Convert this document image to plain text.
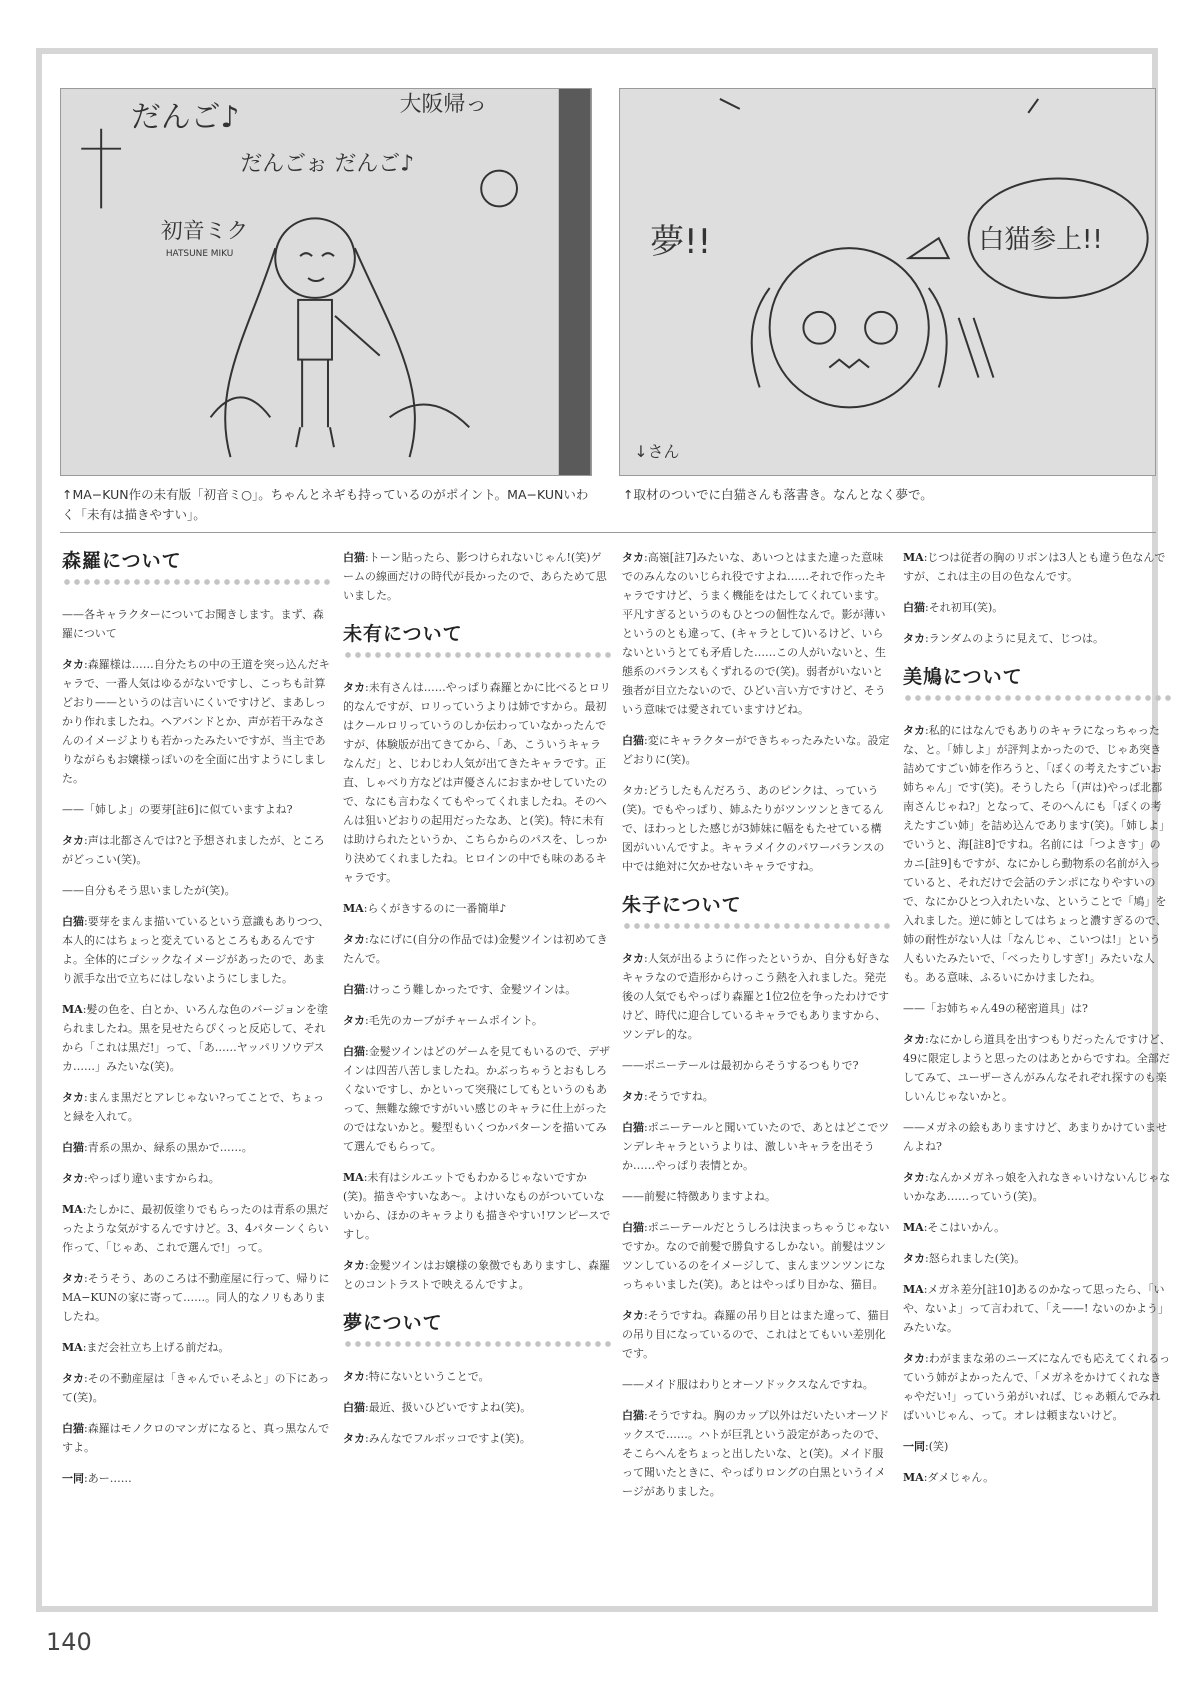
だんご♪
だんごぉ だんご♪
大阪帰っ
初音ミク
HATSUNE MIKU	夢!!	白猫参上!!
↓さん
↑MA−KUN作の未有版「初音ミ○」。ちゃんとネギも持っているのがポイント。MA−KUNいわく「未有は描きやすい」。
↑取材のついでに白猫さんも落書き。なんとなく夢で。
森羅について

——各キャラクターについてお聞きします。まず、森羅について

タカ:森羅様は……自分たちの中の王道を突っ込んだキャラで、一番人気はゆるがないですし、こっちも計算どおり——というのは言いにくいですけど、まあしっかり作れましたね。ヘアバンドとか、声が若干みなさんのイメージよりも若かったみたいですが、当主でありながらもお嬢様っぽいのを全面に出すようにしました。

——「姉しよ」の要芽[註6]に似ていますよね?

タカ:声は北都さんでは?と予想されましたが、ところがどっこい(笑)。

——自分もそう思いましたが(笑)。

白猫:要芽をまんま描いているという意識もありつつ、本人的にはちょっと変えているところもあるんですよ。全体的にゴシックなイメージがあったので、あまり派手な出で立ちにはしないようにしました。

MA:髪の色を、白とか、いろんな色のバージョンを塗られましたね。黒を見せたらぴくっと反応して、それから「これは黒だ!」って、「あ……ヤッパリソウデスカ……」みたいな(笑)。

タカ:まんま黒だとアレじゃない?ってことで、ちょっと緑を入れて。

白猫:青系の黒か、緑系の黒かで……。

タカ:やっぱり違いますからね。

MA:たしかに、最初仮塗りでもらったのは青系の黒だったような気がするんですけど。3、4パターンくらい作って、「じゃあ、これで選んで!」って。

タカ:そうそう、あのころは不動産屋に行って、帰りにMA−KUNの家に寄って……。同人的なノリもありましたね。

MA:まだ会社立ち上げる前だね。

タカ:その不動産屋は「きゃんでぃそふと」の下にあって(笑)。

白猫:森羅はモノクロのマンガになると、真っ黒なんですよ。

一同:あー……

白猫:トーン貼ったら、影つけられないじゃん!(笑)ゲームの線画だけの時代が長かったので、あらためて思いました。

未有について

タカ:未有さんは……やっぱり森羅とかに比べるとロリ的なんですが、ロリっていうよりは姉ですから。最初はクールロリっていうのしか伝わっていなかったんですが、体験版が出てきてから、「あ、こういうキャラなんだ」と、じわじわ人気が出てきたキャラです。正直、しゃべり方などは声優さんにおまかせしていたので、なにも言わなくてもやってくれましたね。そのへんは狙いどおりの起用だったなあ、と(笑)。特に未有は助けられたというか、こちらからのパスを、しっかり決めてくれましたね。ヒロインの中でも味のあるキャラです。

MA:らくがきするのに一番簡単♪

タカ:なにげに(自分の作品では)金髪ツインは初めてきたんで。

白猫:けっこう難しかったです、金髪ツインは。

タカ:毛先のカーブがチャームポイント。

白猫:金髪ツインはどのゲームを見てもいるので、デザインは四苦八苦しましたね。かぶっちゃうとおもしろくないですし、かといって突飛にしてもというのもあって、無難な線ですがいい感じのキャラに仕上がったのではないかと。髪型もいくつかパターンを描いてみて選んでもらって。

MA:未有はシルエットでもわかるじゃないですか(笑)。描きやすいなあ〜。よけいなものがついていないから、ほかのキャラよりも描きやすい!ワンピースですし。

タカ:金髪ツインはお嬢様の象徴でもありますし、森羅とのコントラストで映えるんですよ。

夢について

タカ:特にないということで。

白猫:最近、扱いひどいですよね(笑)。

タカ:みんなでフルボッコですよ(笑)。

タカ:高嶺[註7]みたいな、あいつとはまた違った意味でのみんなのいじられ役ですよね……それで作ったキャラですけど、うまく機能をはたしてくれています。平凡すぎるというのもひとつの個性なんで。影が薄いというのとも違って、(キャラとして)いるけど、いらないというとても矛盾した……この人がいないと、生態系のバランスもくずれるので(笑)。弱者がいないと強者が目立たないので、ひどい言い方ですけど、そういう意味では愛されていますけどね。

白猫:変にキャラクターができちゃったみたいな。設定どおりに(笑)。

タカ:どうしたもんだろう、あのピンクは、っていう(笑)。でもやっぱり、姉ふたりがツンツンときてるんで、ほわっとした感じが3姉妹に幅をもたせている構図がいいんですよ。キャラメイクのパワーバランスの中では絶対に欠かせないキャラですね。

朱子について

タカ:人気が出るように作ったというか、自分も好きなキャラなので造形からけっこう熱を入れました。発売後の人気でもやっぱり森羅と1位2位を争ったわけですけど、時代に迎合しているキャラでもありますから、ツンデレ的な。

——ポニーテールは最初からそうするつもりで?

タカ:そうですね。

白猫:ポニーテールと聞いていたので、あとはどこでツンデレキャラというよりは、激しいキャラを出そうか……やっぱり表情とか。

——前髪に特徴ありますよね。

白猫:ポニーテールだとうしろは決まっちゃうじゃないですか。なので前髪で勝負するしかない。前髪はツンツンしているのをイメージして、まんまツンツンになっちゃいました(笑)。あとはやっぱり目かな、猫目。

タカ:そうですね。森羅の吊り目とはまた違って、猫目の吊り目になっているので、これはとてもいい差別化です。

——メイド服はわりとオーソドックスなんですね。

白猫:そうですね。胸のカップ以外はだいたいオーソドックスで……。ハトが巨乳という設定があったので、そこらへんをちょっと出したいな、と(笑)。メイド服って聞いたときに、やっぱりロングの白黒というイメージがありました。

MA:じつは従者の胸のリボンは3人とも違う色なんですが、これは主の目の色なんです。

白猫:それ初耳(笑)。

タカ:ランダムのように見えて、じつは。

美鳩について

タカ:私的にはなんでもありのキャラになっちゃったな、と。「姉しよ」が評判よかったので、じゃあ突き詰めてすごい姉を作ろうと、「ぼくの考えたすごいお姉ちゃん」です(笑)。そうしたら「(声は)やっぱ北都南さんじゃね?」となって、そのへんにも「ぼくの考えたすごい姉」を詰め込んであります(笑)。「姉しよ」でいうと、海[註8]ですね。名前には「つよきす」のカニ[註9]もですが、なにかしら動物系の名前が入っていると、それだけで会話のテンポになりやすいので、なにかひとつ入れたいな、ということで「鳩」を入れました。逆に姉としてはちょっと濃すぎるので、姉の耐性がない人は「なんじゃ、こいつは!」という人もいたみたいで、「べったりしすぎ!」みたいな人も。ある意味、ふるいにかけましたね。

——「お姉ちゃん49の秘密道具」は?

タカ:なにかしら道具を出すつもりだったんですけど、49に限定しようと思ったのはあとからですね。全部だしてみて、ユーザーさんがみんなそれぞれ探すのも楽しいんじゃないかと。

——メガネの絵もありますけど、あまりかけていませんよね?

タカ:なんかメガネっ娘を入れなきゃいけないんじゃないかなあ……っていう(笑)。

MA:そこはいかん。

タカ:怒られました(笑)。

MA:メガネ差分[註10]あるのかなって思ったら、「いや、ないよ」って言われて、「え——! ないのかよう」みたいな。

タカ:わがままな弟のニーズになんでも応えてくれるっていう姉がよかったんで、「メガネをかけてくれなきゃやだい!」っていう弟がいれば、じゃあ頼んでみればいいじゃん、って。オレは頼まないけど。

一同:(笑)

MA:ダメじゃん。

140
